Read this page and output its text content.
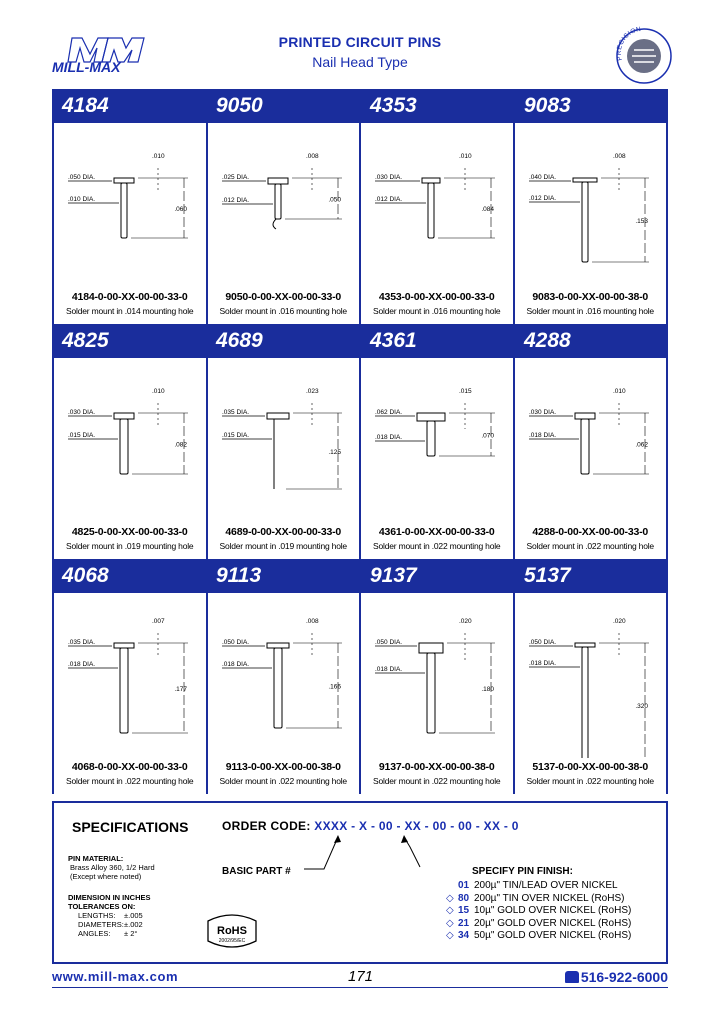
MILL-MAX
PRINTED CIRCUIT PINS
Nail Head Type	PRECISION
4184	9050	4353	9083
.050 DIA.
.010 DIA.
.010
.060
4184-0-00-XX-00-00-33-0
Solder mount in .014 mounting hole
.025 DIA.
.012 DIA.
.008
.050
9050-0-00-XX-00-00-33-0
Solder mount in .016 mounting hole
.030 DIA.
.012 DIA.
.010
.084
4353-0-00-XX-00-00-33-0
Solder mount in .016 mounting hole
.040 DIA.
.012 DIA.
.008
.153
9083-0-00-XX-00-00-38-0
Solder mount in .016 mounting hole
4825	4689	4361	4288
.030 DIA.
.015 DIA.
.010
.082
4825-0-00-XX-00-00-33-0
Solder mount in .019 mounting hole
.035 DIA.
.015 DIA.
.023
.125
4689-0-00-XX-00-00-33-0
Solder mount in .019 mounting hole
.062 DIA.
.018 DIA.
.015
.070
4361-0-00-XX-00-00-33-0
Solder mount in .022 mounting hole
.030 DIA.
.018 DIA.
.010
.062
4288-0-00-XX-00-00-33-0
Solder mount in .022 mounting hole
4068	9113	9137	5137
.035 DIA.
.018 DIA.
.007
.177
4068-0-00-XX-00-00-33-0
Solder mount in .022 mounting hole
.050 DIA.
.018 DIA.
.008
.166
9113-0-00-XX-00-00-38-0
Solder mount in .022 mounting hole
.050 DIA.
.018 DIA.
.020
.180
9137-0-00-XX-00-00-38-0
Solder mount in .022 mounting hole
.050 DIA.
.018 DIA.
.020
.320
5137-0-00-XX-00-00-38-0
Solder mount in .022 mounting hole
SPECIFICATIONS
PIN MATERIAL:
Brass Alloy 360, 1/2 Hard
(Except where noted)
DIMENSION IN INCHES
TOLERANCES ON:
LENGTHS:	±.005
DIAMETERS: ±.002
ANGLES:	± 2°	RoHS
2002/95/EC
ORDER CODE: XXXX - X - 00 - XX - 00 - 00 - XX - 0
BASIC PART #	SPECIFY PIN FINISH:
01 200µ" TIN/LEAD OVER NICKEL
◇ 80 200µ" TIN OVER NICKEL (RoHS)
◇ 15 10µ" GOLD OVER NICKEL (RoHS)
◇ 21 20µ" GOLD OVER NICKEL (RoHS)
◇ 34 50µ" GOLD OVER NICKEL (RoHS)
www.mill-max.com	171	516-922-6000
